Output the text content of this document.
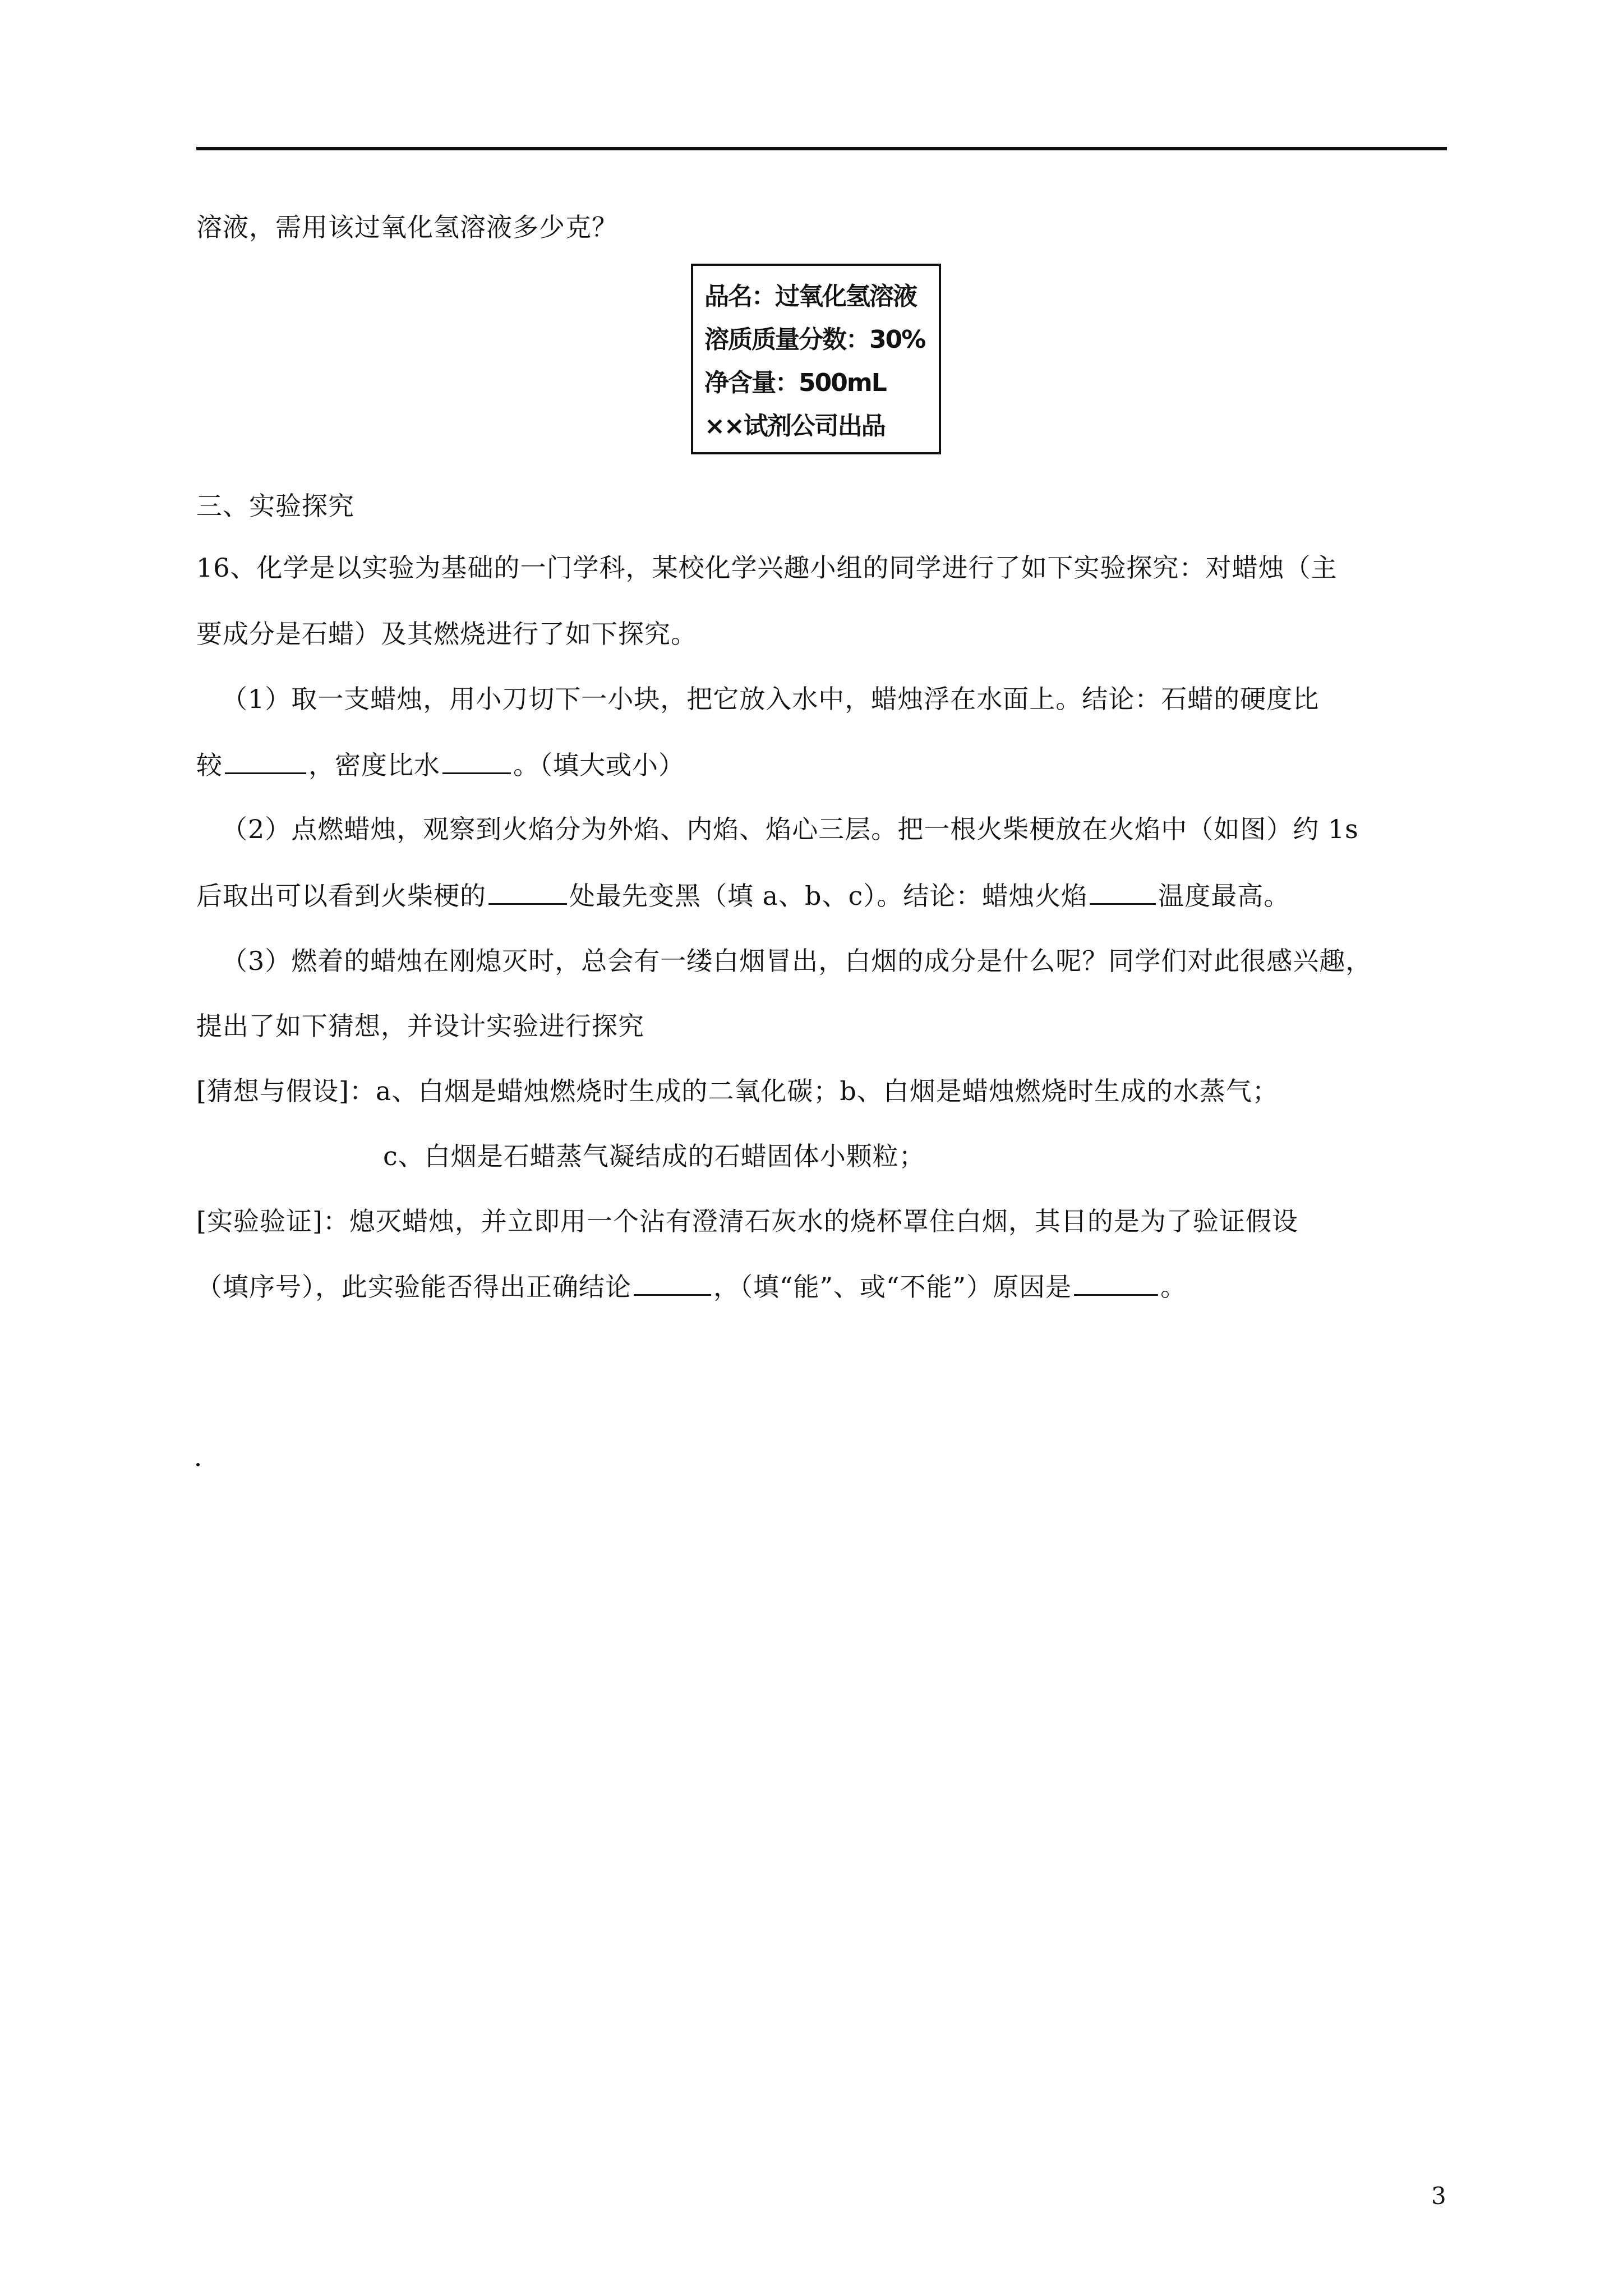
溶液，需用该过氧化氢溶液多少克？
品名：过氧化氢溶液
溶质质量分数：30%
净含量：500mL
××试剂公司出品
三、实验探究
16、化学是以实验为基础的一门学科，某校化学兴趣小组的同学进行了如下实验探究：对蜡烛（主
要成分是石蜡）及其燃烧进行了如下探究。
（1）取一支蜡烛，用小刀切下一小块，把它放入水中，蜡烛浮在水面上。结论：石蜡的硬度比
较	，密度比水	。（填大或小）
（2）点燃蜡烛，观察到火焰分为外焰、内焰、焰心三层。把一根火柴梗放在火焰中（如图）约 1s
后取出可以看到火柴梗的	处最先变黑（填 a、b、c）。结论：蜡烛火焰	温度最高。
（3）燃着的蜡烛在刚熄灭时，总会有一缕白烟冒出，白烟的成分是什么呢？同学们对此很感兴趣，
提出了如下猜想，并设计实验进行探究
[猜想与假设]：a、白烟是蜡烛燃烧时生成的二氧化碳；b、白烟是蜡烛燃烧时生成的水蒸气；
c、白烟是石蜡蒸气凝结成的石蜡固体小颗粒；
[实验验证]：熄灭蜡烛，并立即用一个沾有澄清石灰水的烧杯罩住白烟，其目的是为了验证假设
（填序号），此实验能否得出正确结论	，（填“能”、或“不能”）原因是	。
3
